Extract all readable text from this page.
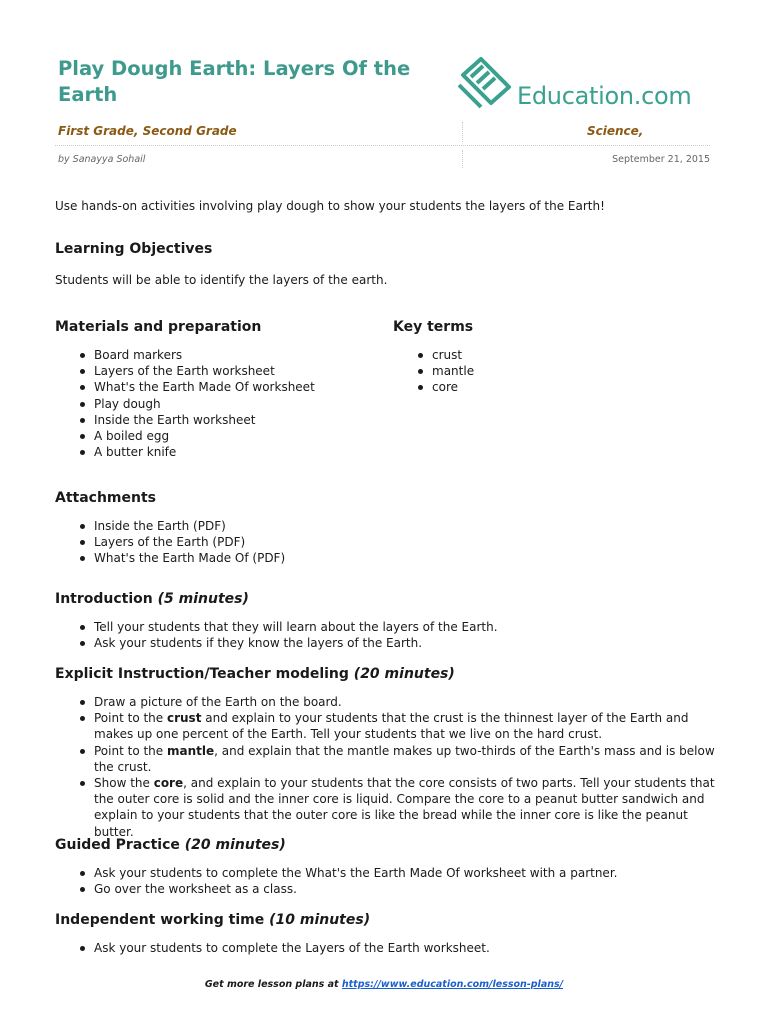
Play Dough Earth: Layers Of the Earth	Education.com
First Grade, Second Grade	Science,
by Sanayya Sohail	September 21, 2015
Use hands-on activities involving play dough to show your students the layers of the Earth!
Learning Objectives
Students will be able to identify the layers of the earth.
Materials and preparation
Board markers
Layers of the Earth worksheet
What's the Earth Made Of worksheet
Play dough
Inside the Earth worksheet
A boiled egg
A butter knife
Key terms
crust
mantle
core
Attachments
Inside the Earth (PDF)
Layers of the Earth (PDF)
What's the Earth Made Of (PDF)
Introduction (5 minutes)
Tell your students that they will learn about the layers of the Earth.
Ask your students if they know the layers of the Earth.
Explicit Instruction/Teacher modeling (20 minutes)
Draw a picture of the Earth on the board.
Point to the crust and explain to your students that the crust is the thinnest layer of the Earth and makes up one percent of the Earth. Tell your students that we live on the hard crust.
Point to the mantle, and explain that the mantle makes up two-thirds of the Earth's mass and is below the crust.
Show the core, and explain to your students that the core consists of two parts. Tell your students that the outer core is solid and the inner core is liquid. Compare the core to a peanut butter sandwich and explain to your students that the outer core is like the bread while the inner core is like the peanut butter.
Guided Practice (20 minutes)
Ask your students to complete the What's the Earth Made Of worksheet with a partner.
Go over the worksheet as a class.
Independent working time (10 minutes)
Ask your students to complete the Layers of the Earth worksheet.
Get more lesson plans at https://www.education.com/lesson-plans/
